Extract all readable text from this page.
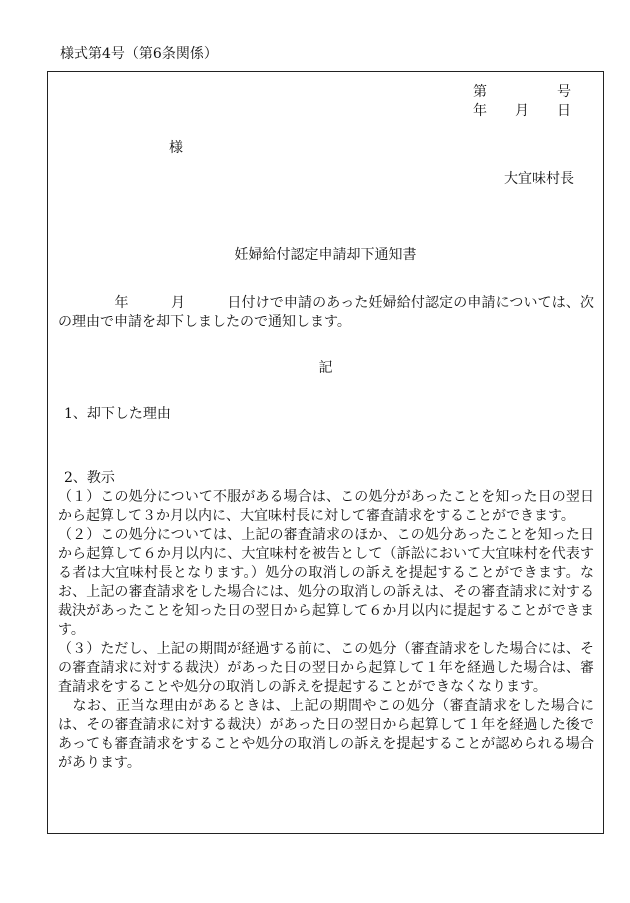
様式第4号（第6条関係）
第　　　　　号
年　　月　　日
様
大宜味村長
妊婦給付認定申請却下通知書
　　　　年　　　月　　　日付けで申請のあった妊婦給付認定の申請については、次の理由で申請を却下しましたので通知します。
記
1、却下した理由
2、教示

（１）この処分について不服がある場合は、この処分があったことを知った日の翌日から起算して３か月以内に、大宜味村長に対して審査請求をすることができます。

（２）この処分については、上記の審査請求のほか、この処分あったことを知った日から起算して６か月以内に、大宜味村を被告として（訴訟において大宜味村を代表する者は大宜味村長となります。）処分の取消しの訴えを提起することができます。なお、上記の審査請求をした場合には、処分の取消しの訴えは、その審査請求に対する裁決があったことを知った日の翌日から起算して６か月以内に提起することができます。

（３）ただし、上記の期間が経過する前に、この処分（審査請求をした場合には、その審査請求に対する裁決）があった日の翌日から起算して１年を経過した場合は、審査請求をすることや処分の取消しの訴えを提起することができなくなります。

　なお、正当な理由があるときは、上記の期間やこの処分（審査請求をした場合には、その審査請求に対する裁決）があった日の翌日から起算して１年を経過した後であっても審査請求をすることや処分の取消しの訴えを提起することが認められる場合があります。
